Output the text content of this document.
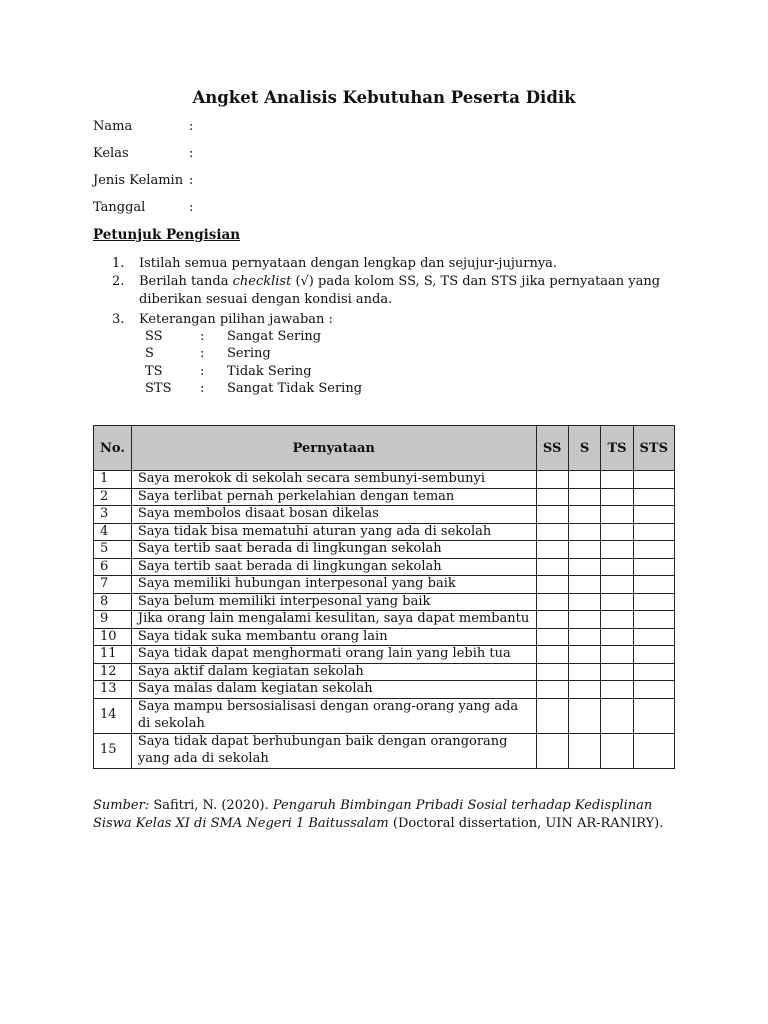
Angket Analisis Kebutuhan Peserta Didik
Nama	:
Kelas	:
Jenis Kelamin :
Tanggal	:
Petunjuk Pengisian
1. Istilah semua pernyataan dengan lengkap dan sejujur-jujurnya.
2. Berilah tanda checklist (√) pada kolom SS, S, TS dan STS jika pernyataan yang
diberikan sesuai dengan kondisi anda.
3. Keterangan pilihan jawaban :
SS	: Sangat Sering
S	: Sering
TS	: Tidak Sering
STS : Sangat Tidak Sering
No.	Pernyataan	SS	S	TS	STS
1	Saya merokok di sekolah secara sembunyi-sembunyi				
2	Saya terlibat pernah perkelahian dengan teman				
3	Saya membolos disaat bosan dikelas				
4	Saya tidak bisa mematuhi aturan yang ada di sekolah				
5	Saya tertib saat berada di lingkungan sekolah				
6	Saya tertib saat berada di lingkungan sekolah				
7	Saya memiliki hubungan interpesonal yang baik				
8	Saya belum memiliki interpesonal yang baik				
9	Jika orang lain mengalami kesulitan, saya dapat membantu				
10	Saya tidak suka membantu orang lain				
11	Saya tidak dapat menghormati orang lain yang lebih tua				
12	Saya aktif dalam kegiatan sekolah				
13	Saya malas dalam kegiatan sekolah				
14	Saya mampu bersosialisasi dengan orang-orang yang ada di sekolah				
15	Saya tidak dapat berhubungan baik dengan orangorang yang ada di sekolah				
Sumber: Safitri, N. (2020). Pengaruh Bimbingan Pribadi Sosial terhadap Kedisplinan Siswa Kelas XI di SMA Negeri 1 Baitussalam (Doctoral dissertation, UIN AR-RANIRY).
